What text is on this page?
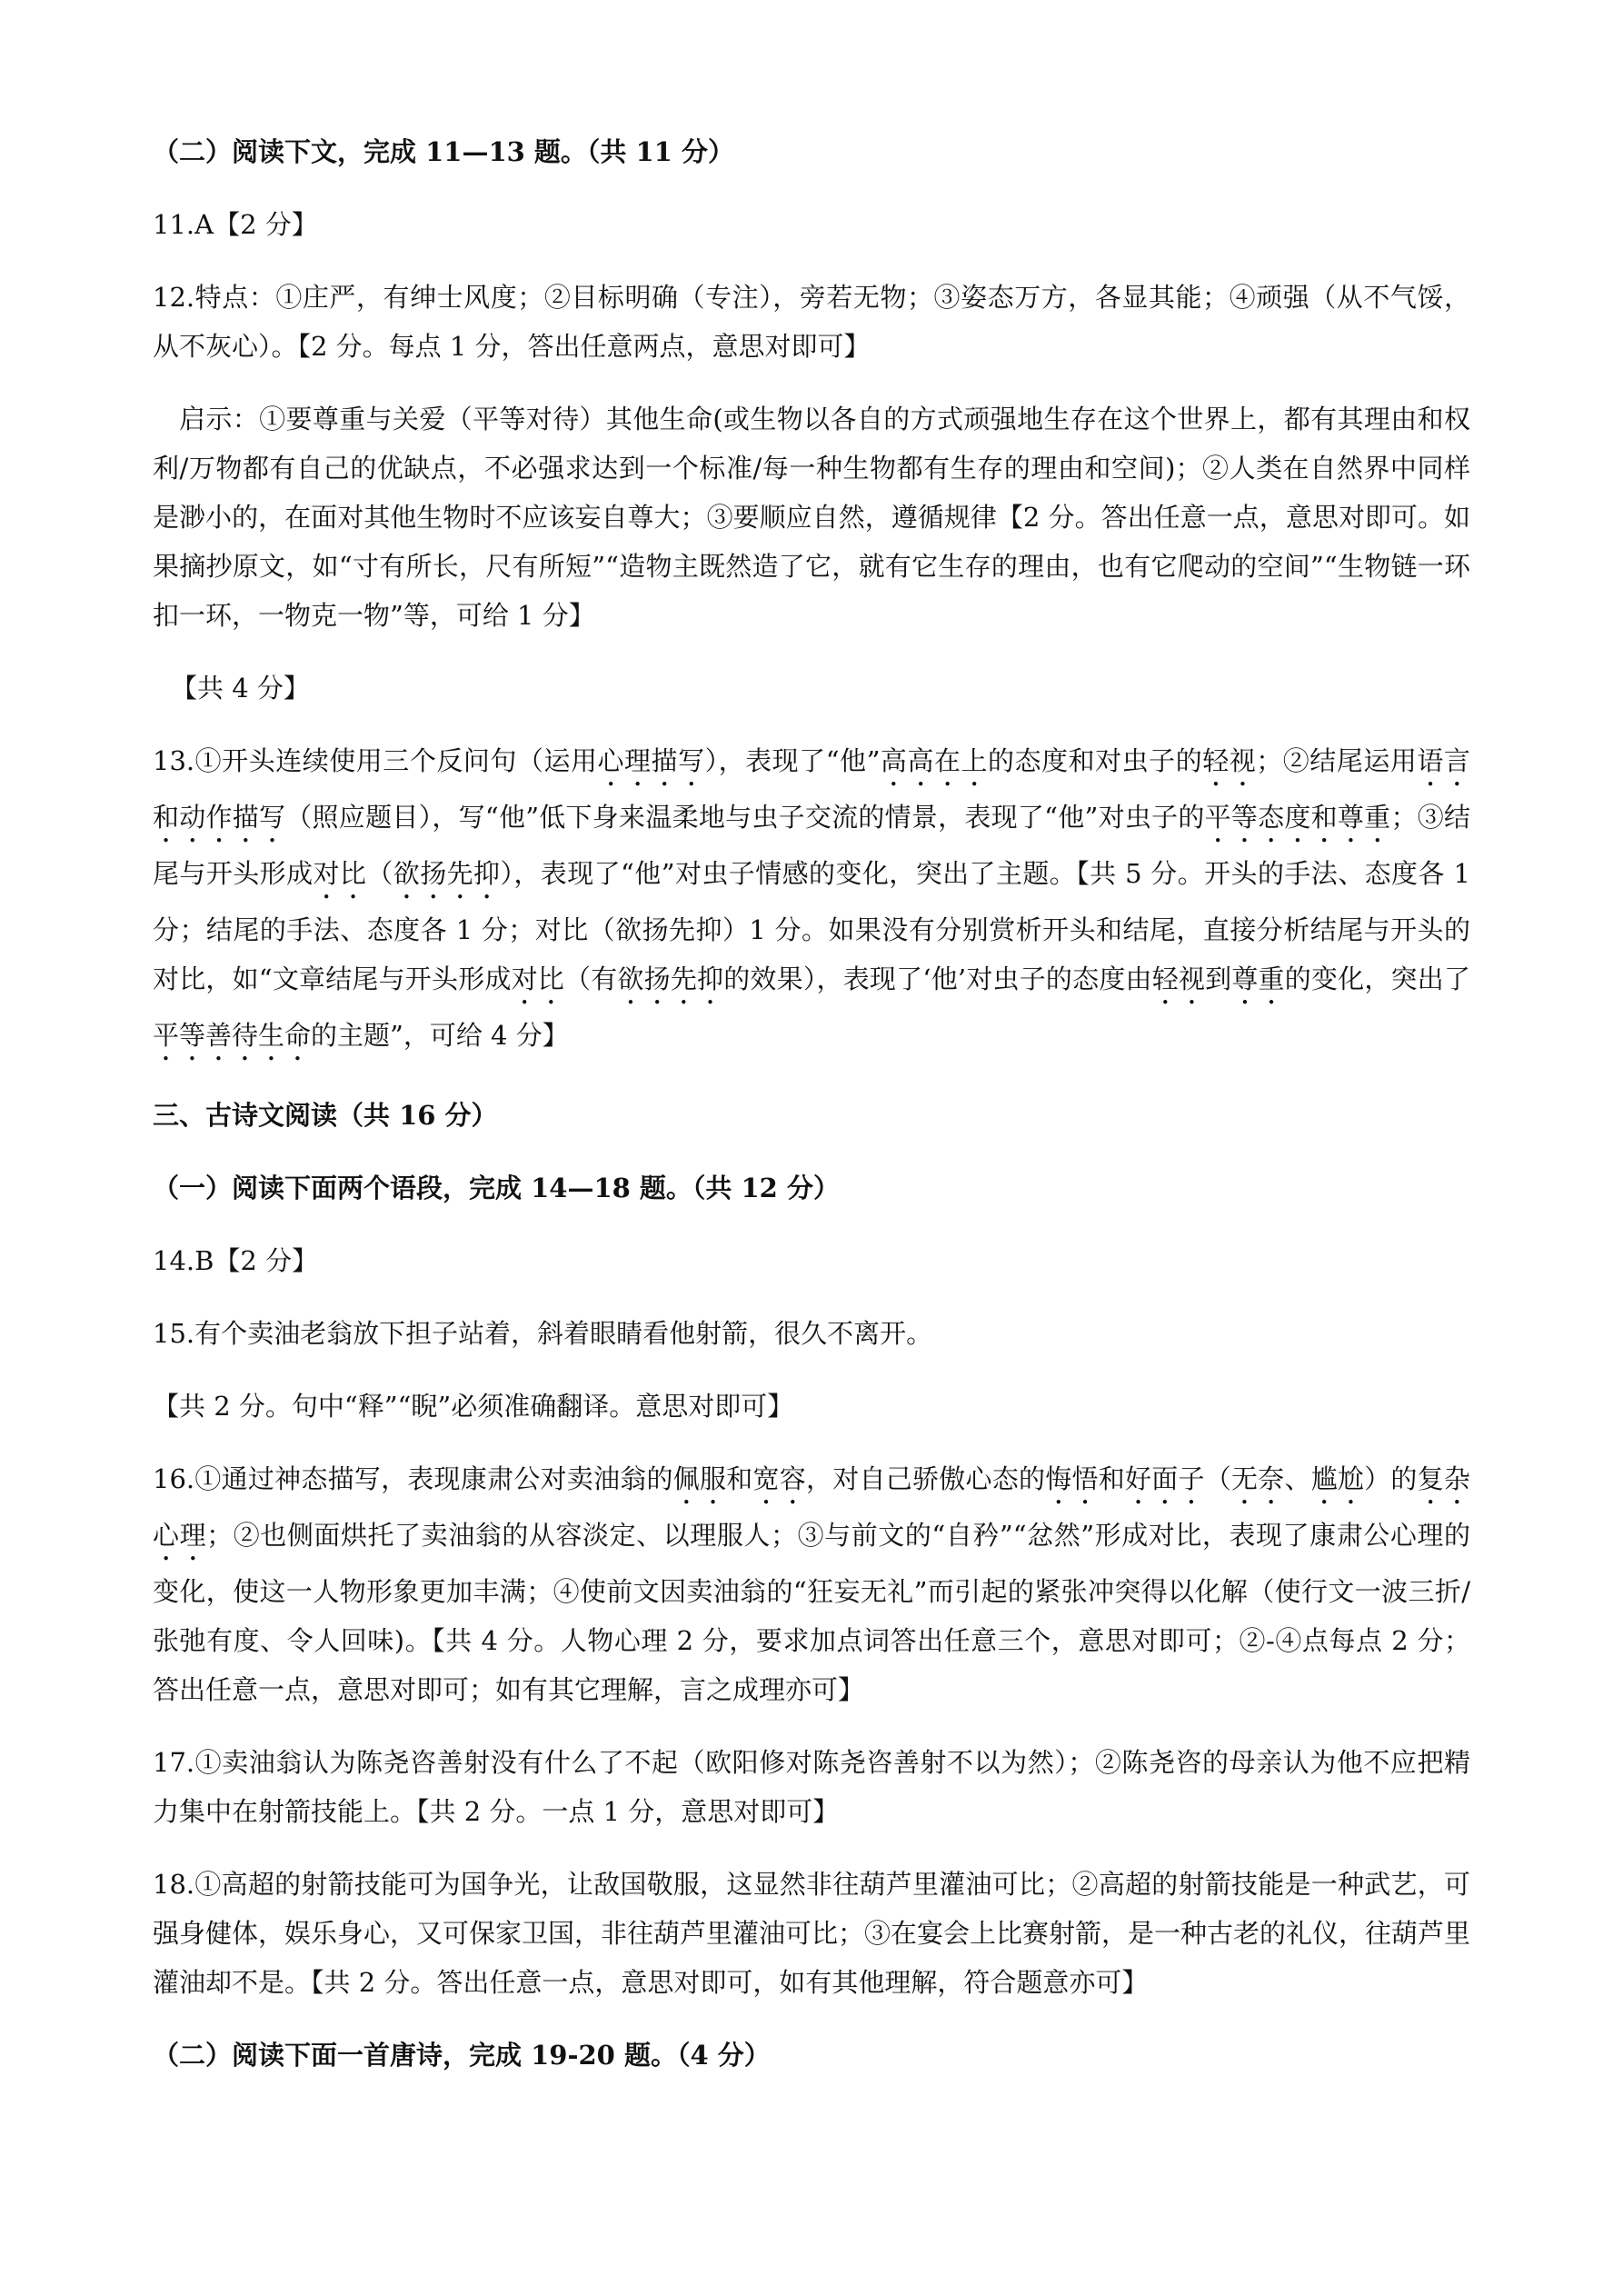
（二）阅读下文，完成 11—13 题。（共 11 分）

11.A【2 分】

12.特点：①庄严，有绅士风度；②目标明确（专注），旁若无物；③姿态万方，各显其能；④顽强（从不气馁，从不灰心）。【2 分。每点 1 分，答出任意两点，意思对即可】

启示：①要尊重与关爱（平等对待）其他生命(或生物以各自的方式顽强地生存在这个世界上，都有其理由和权利/万物都有自己的优缺点，不必强求达到一个标准/每一种生物都有生存的理由和空间)；②人类在自然界中同样是渺小的，在面对其他生物时不应该妄自尊大；③要顺应自然，遵循规律【2 分。答出任意一点，意思对即可。如果摘抄原文，如“寸有所长，尺有所短”“造物主既然造了它，就有它生存的理由，也有它爬动的空间”“生物链一环扣一环，一物克一物”等，可给 1 分】

【共 4 分】

13.①开头连续使用三个反问句（运用心理描写），表现了“他”高高在上的态度和对虫子的轻视；②结尾运用语言和动作描写（照应题目），写“他”低下身来温柔地与虫子交流的情景，表现了“他”对虫子的平等态度和尊重；③结尾与开头形成对比（欲扬先抑），表现了“他”对虫子情感的变化，突出了主题。【共 5 分。开头的手法、态度各 1 分；结尾的手法、态度各 1 分；对比（欲扬先抑）1 分。如果没有分别赏析开头和结尾，直接分析结尾与开头的对比，如“文章结尾与开头形成对比（有欲扬先抑的效果），表现了‘他’对虫子的态度由轻视到尊重的变化，突出了平等善待生命的主题”，可给 4 分】

三、古诗文阅读（共 16 分）

（一）阅读下面两个语段，完成 14—18 题。（共 12 分）

14.B【2 分】

15.有个卖油老翁放下担子站着，斜着眼睛看他射箭，很久不离开。

【共 2 分。句中“释”“睨”必须准确翻译。意思对即可】

16.①通过神态描写，表现康肃公对卖油翁的佩服和宽容，对自己骄傲心态的悔悟和好面子（无奈、尴尬）的复杂心理；②也侧面烘托了卖油翁的从容淡定、以理服人；③与前文的“自矜”“忿然”形成对比，表现了康肃公心理的变化，使这一人物形象更加丰满；④使前文因卖油翁的“狂妄无礼”而引起的紧张冲突得以化解（使行文一波三折/张弛有度、令人回味)。【共 4 分。人物心理 2 分，要求加点词答出任意三个，意思对即可；②-④点每点 2 分；答出任意一点，意思对即可；如有其它理解，言之成理亦可】

17.①卖油翁认为陈尧咨善射没有什么了不起（欧阳修对陈尧咨善射不以为然）；②陈尧咨的母亲认为他不应把精力集中在射箭技能上。【共 2 分。一点 1 分，意思对即可】

18.①高超的射箭技能可为国争光，让敌国敬服，这显然非往葫芦里灌油可比；②高超的射箭技能是一种武艺，可强身健体，娱乐身心，又可保家卫国，非往葫芦里灌油可比；③在宴会上比赛射箭，是一种古老的礼仪，往葫芦里灌油却不是。【共 2 分。答出任意一点，意思对即可，如有其他理解，符合题意亦可】

（二）阅读下面一首唐诗，完成 19-20 题。（4 分）
